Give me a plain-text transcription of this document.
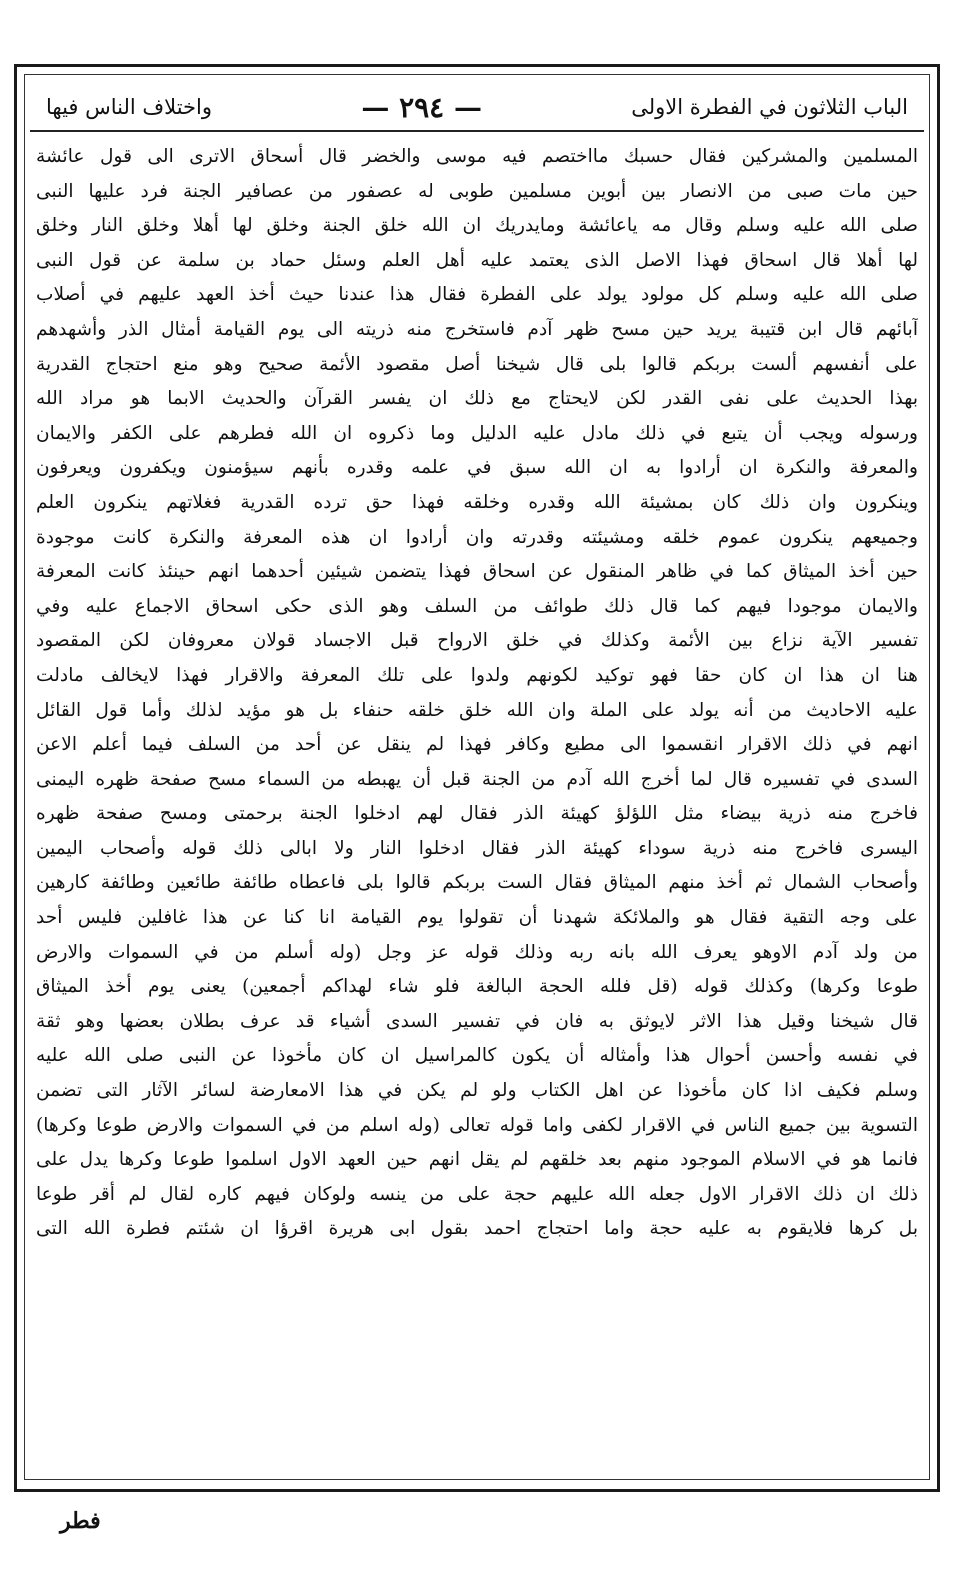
الباب الثلاثون في الفطرة الاولى
— ٢٩٤ —
واختلاف الناس فيها
المسلمين والمشركين فقال حسبك مااختصم فيه موسى والخضر قال أسحاق الاترى الى قول عائشة
حين مات صبى من الانصار بين أبوين مسلمين طوبى له عصفور من عصافير الجنة فرد عليها النبى
صلى الله عليه وسلم وقال مه ياعائشة ومايدريك ان الله خلق الجنة وخلق لها أهلا وخلق النار وخلق
لها أهلا قال اسحاق فهذا الاصل الذى يعتمد عليه أهل العلم وسئل حماد بن سلمة عن قول النبى
صلى الله عليه وسلم كل مولود يولد على الفطرة فقال هذا عندنا حيث أخذ العهد عليهم في أصلاب
آبائهم قال ابن قتيبة يريد حين مسح ظهر آدم فاستخرج منه ذريته الى يوم القيامة أمثال الذر وأشهدهم
على أنفسهم ألست بربكم قالوا بلى قال شيخنا أصل مقصود الأئمة صحيح وهو منع احتجاج القدرية
بهذا الحديث على نفى القدر لكن لايحتاج مع ذلك ان يفسر القرآن والحديث الابما هو مراد الله
ورسوله ويجب أن يتبع في ذلك مادل عليه الدليل وما ذكروه ان الله فطرهم على الكفر والايمان
والمعرفة والنكرة ان أرادوا به ان الله سبق في علمه وقدره بأنهم سيؤمنون ويكفرون ويعرفون
وينكرون وان ذلك كان بمشيئة الله وقدره وخلقه فهذا حق ترده القدرية فغلاتهم ينكرون العلم
وجميعهم ينكرون عموم خلقه ومشيئته وقدرته وان أرادوا ان هذه المعرفة والنكرة كانت موجودة
حين أخذ الميثاق كما في ظاهر المنقول عن اسحاق فهذا يتضمن شيئين أحدهما انهم حينئذ كانت المعرفة
والايمان موجودا فيهم كما قال ذلك طوائف من السلف وهو الذى حكى اسحاق الاجماع عليه وفي
تفسير الآية نزاع بين الأئمة وكذلك في خلق الارواح قبل الاجساد قولان معروفان لكن المقصود
هنا ان هذا ان كان حقا فهو توكيد لكونهم ولدوا على تلك المعرفة والاقرار فهذا لايخالف مادلت
عليه الاحاديث من أنه يولد على الملة وان الله خلق خلقه حنفاء بل هو مؤيد لذلك وأما قول القائل
انهم في ذلك الاقرار انقسموا الى مطيع وكافر فهذا لم ينقل عن أحد من السلف فيما أعلم الاعن
السدى في تفسيره قال لما أخرج الله آدم من الجنة قبل أن يهبطه من السماء مسح صفحة ظهره اليمنى
فاخرج منه ذرية بيضاء مثل اللؤلؤ كهيئة الذر فقال لهم ادخلوا الجنة برحمتى ومسح صفحة ظهره
اليسرى فاخرج منه ذرية سوداء كهيئة الذر فقال ادخلوا النار ولا ابالى ذلك قوله وأصحاب اليمين
وأصحاب الشمال ثم أخذ منهم الميثاق فقال الست بربكم قالوا بلى فاعطاه طائفة طائعين وطائفة كارهين
على وجه التقية فقال هو والملائكة شهدنا أن تقولوا يوم القيامة انا كنا عن هذا غافلين فليس أحد
من ولد آدم الاوهو يعرف الله بانه ربه وذلك قوله عز وجل (وله أسلم من في السموات والارض
طوعا وكرها) وكذلك قوله (قل فلله الحجة البالغة فلو شاء لهداكم أجمعين) يعنى يوم أخذ الميثاق
قال شيخنا وقيل هذا الاثر لايوثق به فان في تفسير السدى أشياء قد عرف بطلان بعضها وهو ثقة
في نفسه وأحسن أحوال هذا وأمثاله أن يكون كالمراسيل ان كان مأخوذا عن النبى صلى الله عليه
وسلم فكيف اذا كان مأخوذا عن اهل الكتاب ولو لم يكن في هذا الامعارضة لسائر الآثار التى تضمن
التسوية بين جميع الناس في الاقرار لكفى واما قوله تعالى (وله اسلم من في السموات والارض طوعا وكرها)
فانما هو في الاسلام الموجود منهم بعد خلقهم لم يقل انهم حين العهد الاول اسلموا طوعا وكرها يدل على
ذلك ان ذلك الاقرار الاول جعله الله عليهم حجة على من ينسه ولوكان فيهم كاره لقال لم أقر طوعا
بل كرها فلايقوم به عليه حجة واما احتجاج احمد بقول ابى هريرة اقرؤا ان شئتم فطرة الله التى
فطر
